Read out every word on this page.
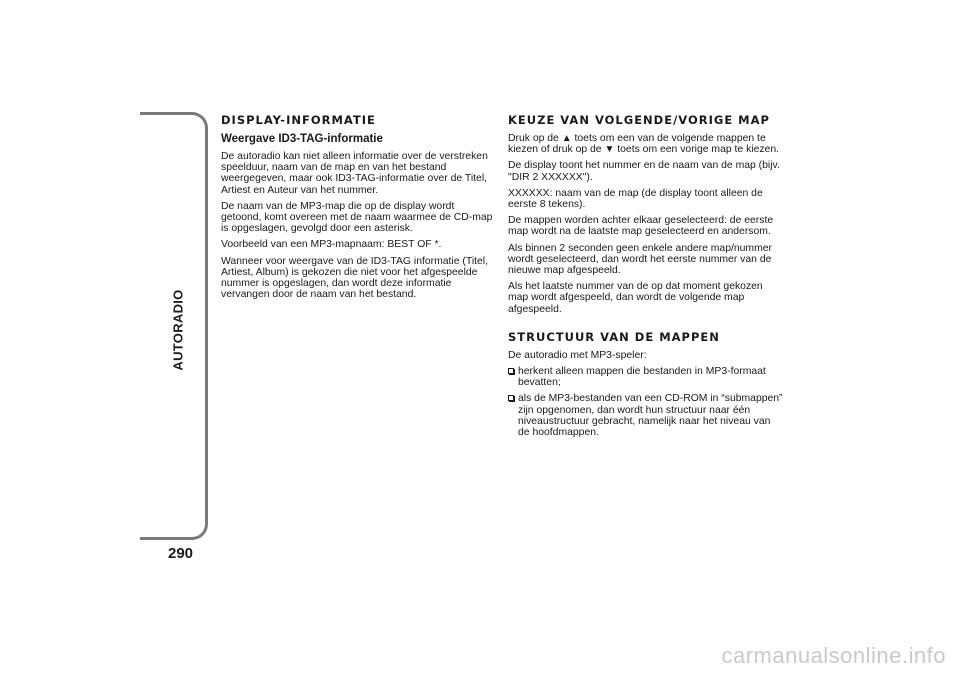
AUTORADIO
290
DISPLAY-INFORMATIE
Weergave ID3-TAG-informatie

De autoradio kan niet alleen informatie over de verstreken speelduur, naam van de map en van het bestand weergegeven, maar ook ID3-TAG-informatie over de Titel, Artiest en Auteur van het nummer.

De naam van de MP3-map die op de display wordt getoond, komt overeen met de naam waarmee de CD-map is opgeslagen, gevolgd door een asterisk.

Voorbeeld van een MP3-mapnaam: BEST OF *.

Wanneer voor weergave van de ID3-TAG informatie (Titel, Artiest, Album) is gekozen die niet voor het afgespeelde nummer is opgeslagen, dan wordt deze informatie vervangen door de naam van het bestand.

KEUZE VAN VOLGENDE/VORIGE MAP

Druk op de ▲ toets om een van de volgende mappen te kiezen of druk op de ▼ toets om een vorige map te kiezen.

De display toont het nummer en de naam van de map (bijv. "DIR 2 XXXXXX").

XXXXXX: naam van de map (de display toont alleen de eerste 8 tekens).

De mappen worden achter elkaar geselecteerd: de eerste map wordt na de laatste map geselecteerd en andersom.

Als binnen 2 seconden geen enkele andere map/nummer wordt geselecteerd, dan wordt het eerste nummer van de nieuwe map afgespeeld.

Als het laatste nummer van de op dat moment gekozen map wordt afgespeeld, dan wordt de volgende map afgespeeld.

STRUCTUUR VAN DE MAPPEN

De autoradio met MP3-speler:

herkent alleen mappen die bestanden in MP3-formaat bevatten;
als de MP3-bestanden van een CD-ROM in “submappen” zijn opgenomen, dan wordt hun structuur naar één niveaustructuur gebracht, namelijk naar het niveau van de hoofdmappen.
carmanualsonline.info
